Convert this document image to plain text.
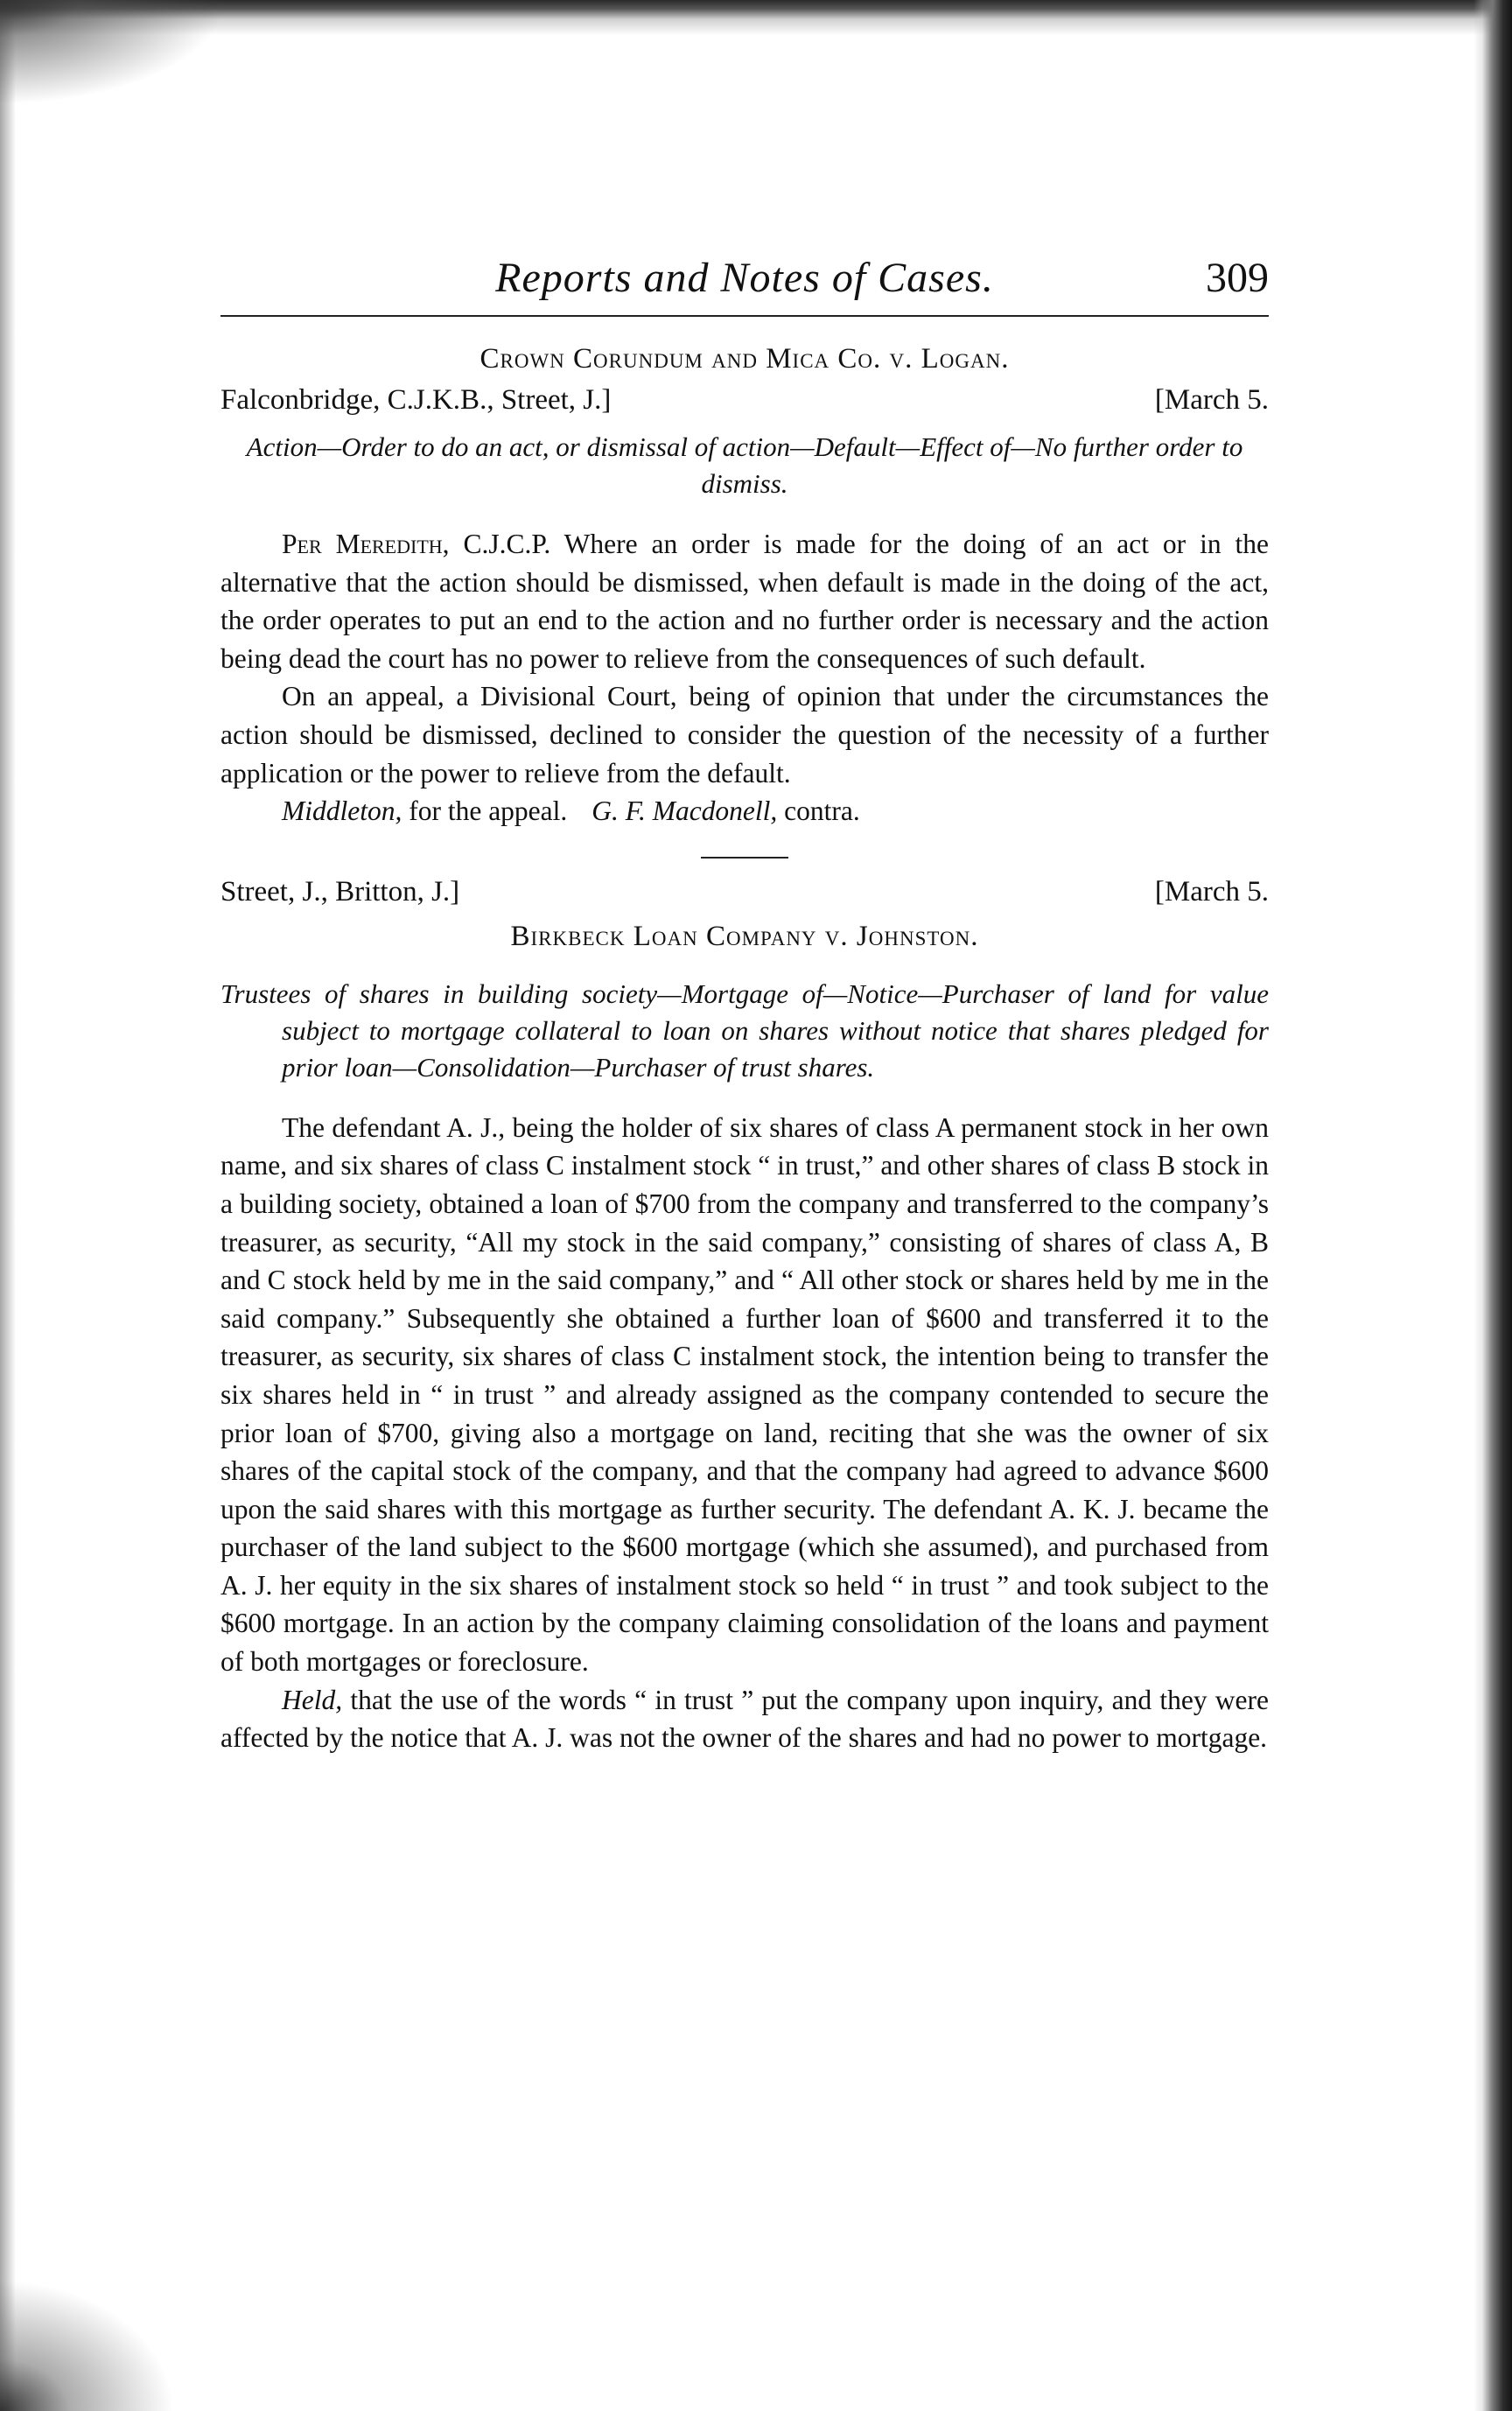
Reports and Notes of Cases.	309

Crown Corundum and Mica Co. v. Logan.

Falconbridge, C.J.K.B., Street, J.]	[March 5.
Action—Order to do an act, or dismissal of action—Default—Effect of—No further order to dismiss.

Per Meredith, C.J.C.P. Where an order is made for the doing of an act or in the alternative that the action should be dismissed, when default is made in the doing of the act, the order operates to put an end to the action and no further order is necessary and the action being dead the court has no power to relieve from the consequences of such default.

On an appeal, a Divisional Court, being of opinion that under the circumstances the action should be dismissed, declined to consider the question of the necessity of a further application or the power to relieve from the default.

Middleton, for the appeal. G. F. Macdonell, contra.

Street, J., Britton, J.]	[March 5.

Birkbeck Loan Company v. Johnston.

Trustees of shares in building society—Mortgage of—Notice—Purchaser of land for value subject to mortgage collateral to loan on shares without notice that shares pledged for prior loan—Consolidation—Purchaser of trust shares.

The defendant A. J., being the holder of six shares of class A permanent stock in her own name, and six shares of class C instalment stock “ in trust,” and other shares of class B stock in a building society, obtained a loan of $700 from the company and transferred to the company’s treasurer, as security, “All my stock in the said company,” consisting of shares of class A, B and C stock held by me in the said company,” and “ All other stock or shares held by me in the said company.” Subsequently she obtained a further loan of $600 and transferred it to the treasurer, as security, six shares of class C instalment stock, the intention being to transfer the six shares held in “ in trust ” and already assigned as the company contended to secure the prior loan of $700, giving also a mortgage on land, reciting that she was the owner of six shares of the capital stock of the company, and that the company had agreed to advance $600 upon the said shares with this mortgage as further security. The defendant A. K. J. became the purchaser of the land subject to the $600 mortgage (which she assumed), and purchased from A. J. her equity in the six shares of instalment stock so held “ in trust ” and took subject to the $600 mortgage. In an action by the company claiming consolidation of the loans and payment of both mortgages or foreclosure.

Held, that the use of the words “ in trust ” put the company upon inquiry, and they were affected by the notice that A. J. was not the owner of the shares and had no power to mortgage.
